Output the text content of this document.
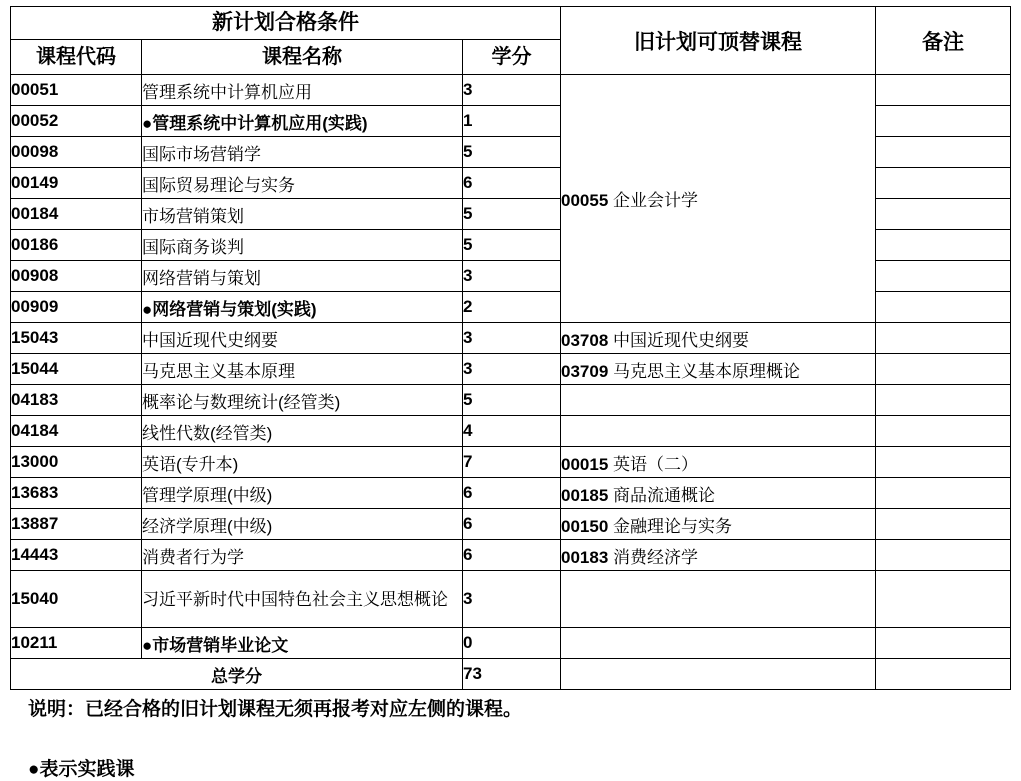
新计划合格条件			旧计划可顶替课程	备注
课程代码	课程名称	学分		
00051	管理系统中计算机应用	3	00055 企业会计学	
00052	●管理系统中计算机应用(实践)	1		
00098	国际市场营销学	5		
00149	国际贸易理论与实务	6		
00184	市场营销策划	5		
00186	国际商务谈判	5		
00908	网络营销与策划	3		
00909	●网络营销与策划(实践)	2		
15043	中国近现代史纲要	3	03708 中国近现代史纲要	
15044	马克思主义基本原理	3	03709 马克思主义基本原理概论	
04183	概率论与数理统计(经管类)	5		
04184	线性代数(经管类)	4		
13000	英语(专升本)	7	00015 英语（二）	
13683	管理学原理(中级)	6	00185 商品流通概论	
13887	经济学原理(中级)	6	00150 金融理论与实务	
14443	消费者行为学	6	00183 消费经济学	
15040	习近平新时代中国特色社会主义思想概论	3		
10211	●市场营销毕业论文	0		
总学分		73		
说明：已经合格的旧计划课程无须再报考对应左侧的课程。
●表示实践课
